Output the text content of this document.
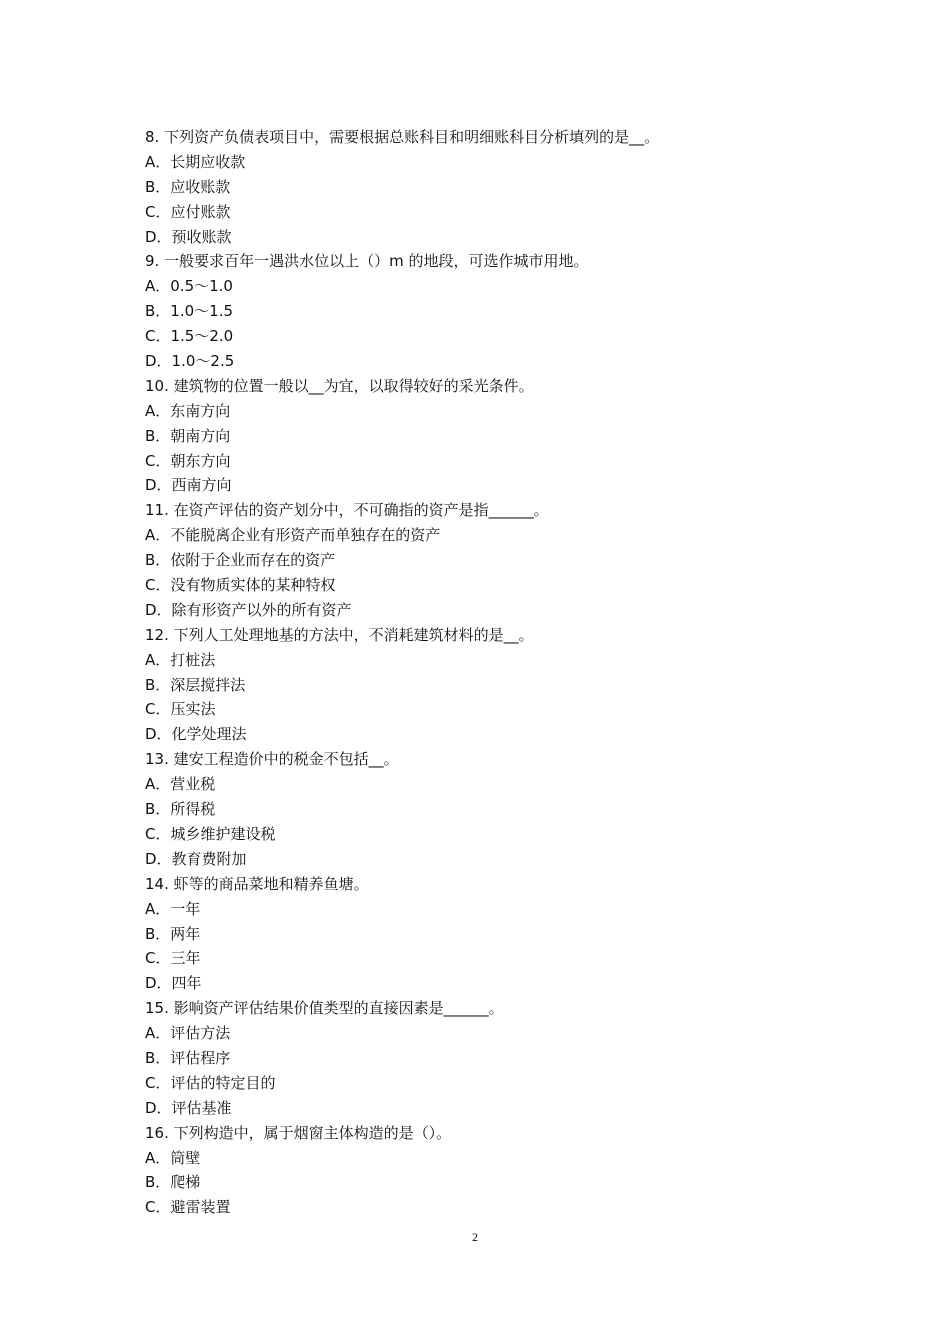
8. 下列资产负债表项目中，需要根据总账科目和明细账科目分析填列的是__。
A．长期应收款
B．应收账款
C．应付账款
D．预收账款
9. 一般要求百年一遇洪水位以上（）m 的地段，可选作城市用地。
A．0.5～1.0
B．1.0～1.5
C．1.5～2.0
D．1.0～2.5
10. 建筑物的位置一般以__为宜，以取得较好的采光条件。
A．东南方向
B．朝南方向
C．朝东方向
D．西南方向
11. 在资产评估的资产划分中，不可确指的资产是指______。
A．不能脱离企业有形资产而单独存在的资产
B．依附于企业而存在的资产
C．没有物质实体的某种特权
D．除有形资产以外的所有资产
12. 下列人工处理地基的方法中，不消耗建筑材料的是__。
A．打桩法
B．深层搅拌法
C．压实法
D．化学处理法
13. 建安工程造价中的税金不包括__。
A．营业税
B．所得税
C．城乡维护建设税
D．教育费附加
14. 虾等的商品菜地和精养鱼塘。
A．一年
B．两年
C．三年
D．四年
15. 影响资产评估结果价值类型的直接因素是______。
A．评估方法
B．评估程序
C．评估的特定目的
D．评估基准
16. 下列构造中，属于烟窗主体构造的是（）。
A．筒壁
B．爬梯
C．避雷装置
2
